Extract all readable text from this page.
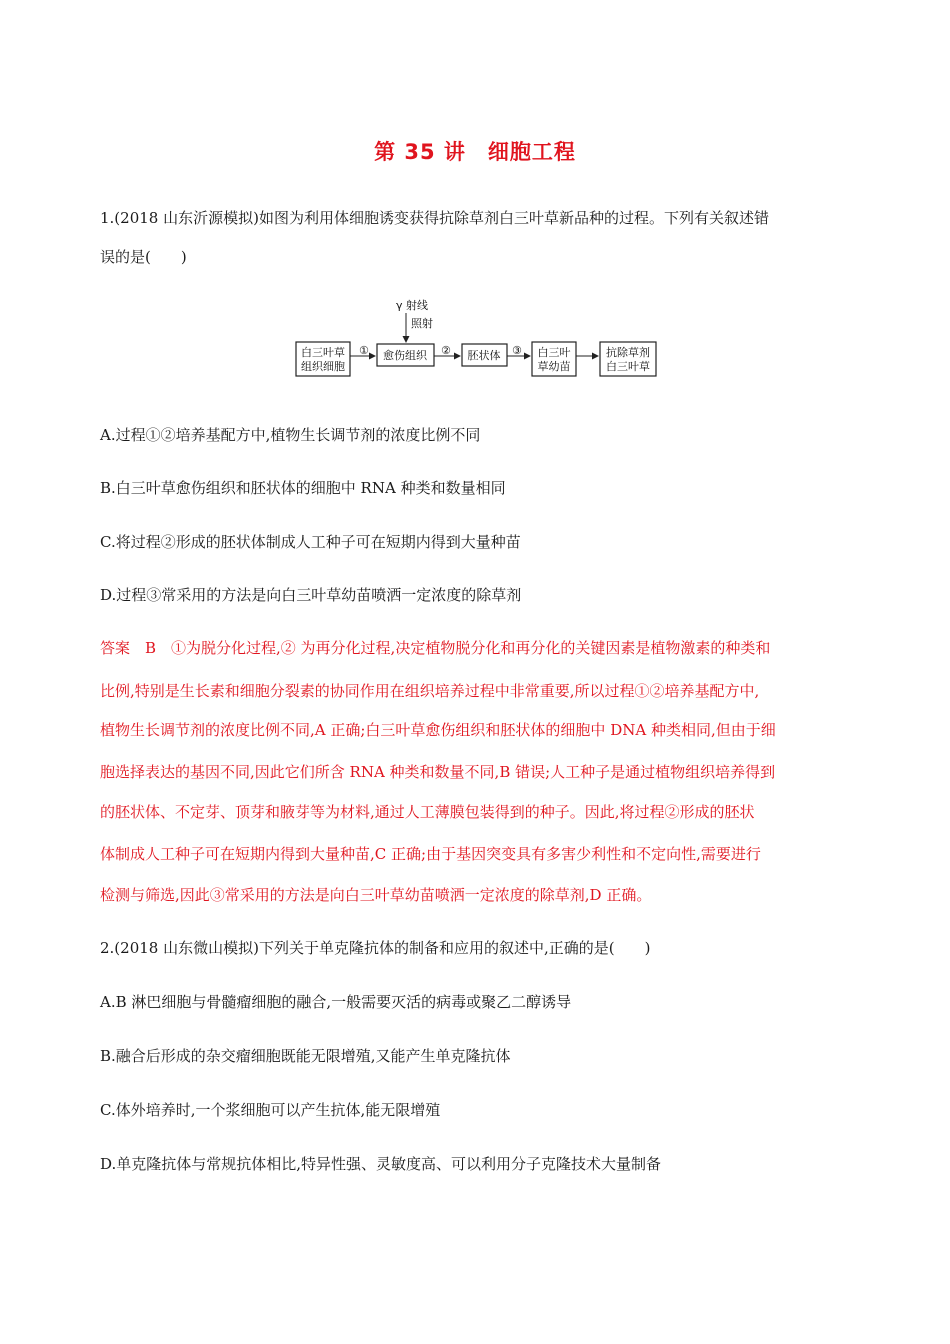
第 35 讲　细胞工程
1.(2018 山东沂源模拟)如图为利用体细胞诱变获得抗除草剂白三叶草新品种的过程。下列有关叙述错
误的是(　　)
γ 射线
照射
白三叶草
组织细胞
① 愈伤组织 ② 胚状体 ③ 白三叶
草幼苗
抗除草剂
白三叶草
A.过程①②培养基配方中,植物生长调节剂的浓度比例不同
B.白三叶草愈伤组织和胚状体的细胞中 RNA 种类和数量相同
C.将过程②形成的胚状体制成人工种子可在短期内得到大量种苗
D.过程③常采用的方法是向白三叶草幼苗喷洒一定浓度的除草剂
答案　B　①为脱分化过程,② 为再分化过程,决定植物脱分化和再分化的关键因素是植物激素的种类和
比例,特别是生长素和细胞分裂素的协同作用在组织培养过程中非常重要,所以过程①②培养基配方中,
植物生长调节剂的浓度比例不同,A 正确;白三叶草愈伤组织和胚状体的细胞中 DNA 种类相同,但由于细
胞选择表达的基因不同,因此它们所含 RNA 种类和数量不同,B 错误;人工种子是通过植物组织培养得到
的胚状体、不定芽、顶芽和腋芽等为材料,通过人工薄膜包装得到的种子。因此,将过程②形成的胚状
体制成人工种子可在短期内得到大量种苗,C 正确;由于基因突变具有多害少利性和不定向性,需要进行
检测与筛选,因此③常采用的方法是向白三叶草幼苗喷洒一定浓度的除草剂,D 正确。
2.(2018 山东微山模拟)下列关于单克隆抗体的制备和应用的叙述中,正确的是(　　)
A.B 淋巴细胞与骨髓瘤细胞的融合,一般需要灭活的病毒或聚乙二醇诱导
B.融合后形成的杂交瘤细胞既能无限增殖,又能产生单克隆抗体
C.体外培养时,一个浆细胞可以产生抗体,能无限增殖
D.单克隆抗体与常规抗体相比,特异性强、灵敏度高、可以利用分子克隆技术大量制备
